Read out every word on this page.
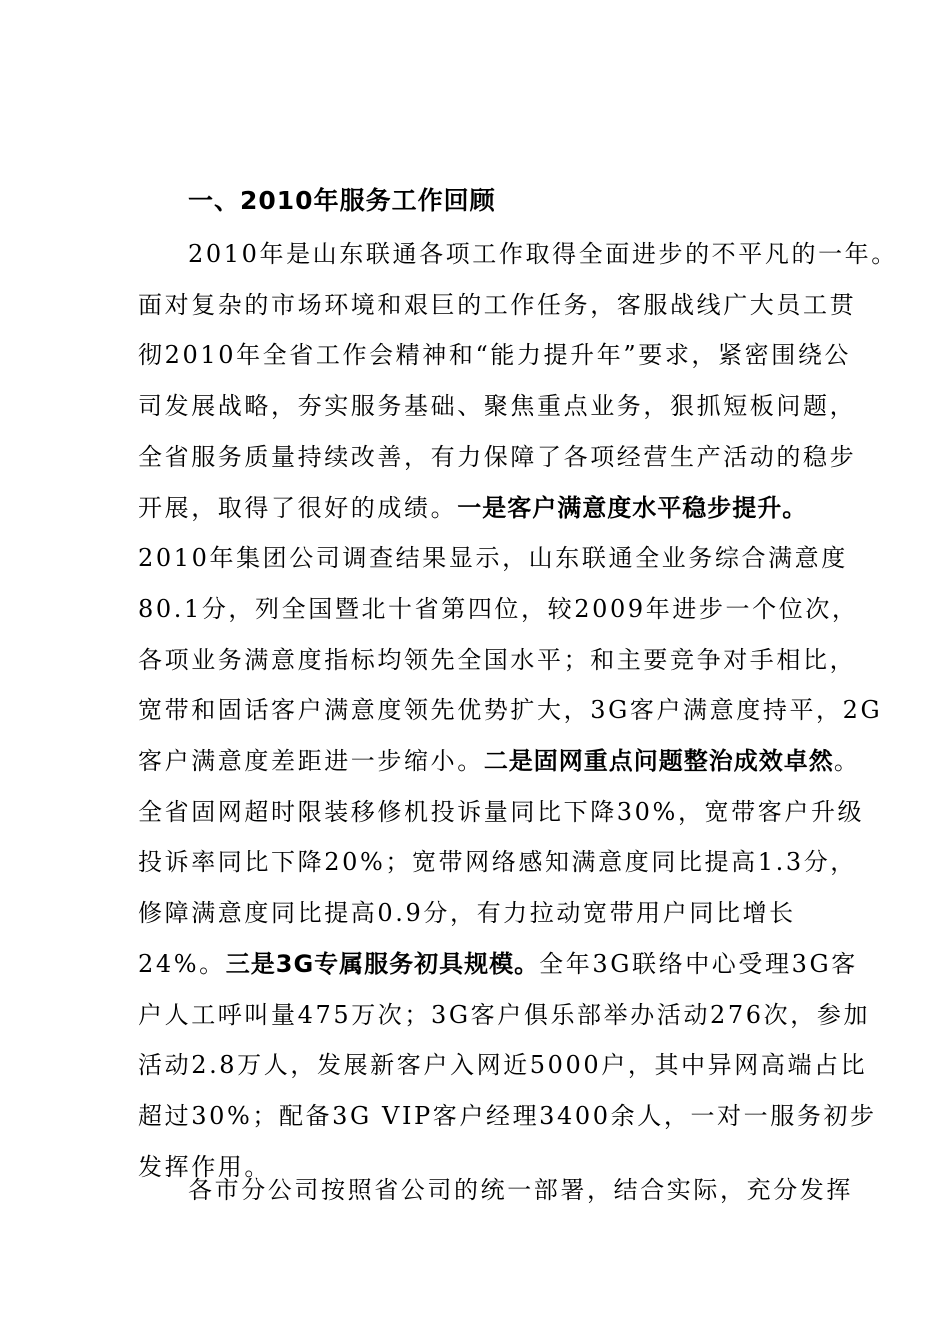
一、2010年服务工作回顾
2010年是山东联通各项工作取得全面进步的不平凡的一年。
面对复杂的市场环境和艰巨的工作任务，客服战线广大员工贯
彻2010年全省工作会精神和“能力提升年”要求，紧密围绕公
司发展战略，夯实服务基础、聚焦重点业务，狠抓短板问题，
全省服务质量持续改善，有力保障了各项经营生产活动的稳步
开展，取得了很好的成绩。一是客户满意度水平稳步提升。
2010年集团公司调查结果显示，山东联通全业务综合满意度
80.1分，列全国暨北十省第四位，较2009年进步一个位次，
各项业务满意度指标均领先全国水平；和主要竞争对手相比，
宽带和固话客户满意度领先优势扩大，3G客户满意度持平，2G
客户满意度差距进一步缩小。二是固网重点问题整治成效卓然。
全省固网超时限装移修机投诉量同比下降30%，宽带客户升级
投诉率同比下降20%；宽带网络感知满意度同比提高1.3分，
修障满意度同比提高0.9分，有力拉动宽带用户同比增长
24%。三是3G专属服务初具规模。全年3G联络中心受理3G客
户人工呼叫量475万次；3G客户俱乐部举办活动276次，参加
活动2.8万人，发展新客户入网近5000户，其中异网高端占比
超过30%；配备3G VIP客户经理3400余人，一对一服务初步
发挥作用。
各市分公司按照省公司的统一部署，结合实际，充分发挥
